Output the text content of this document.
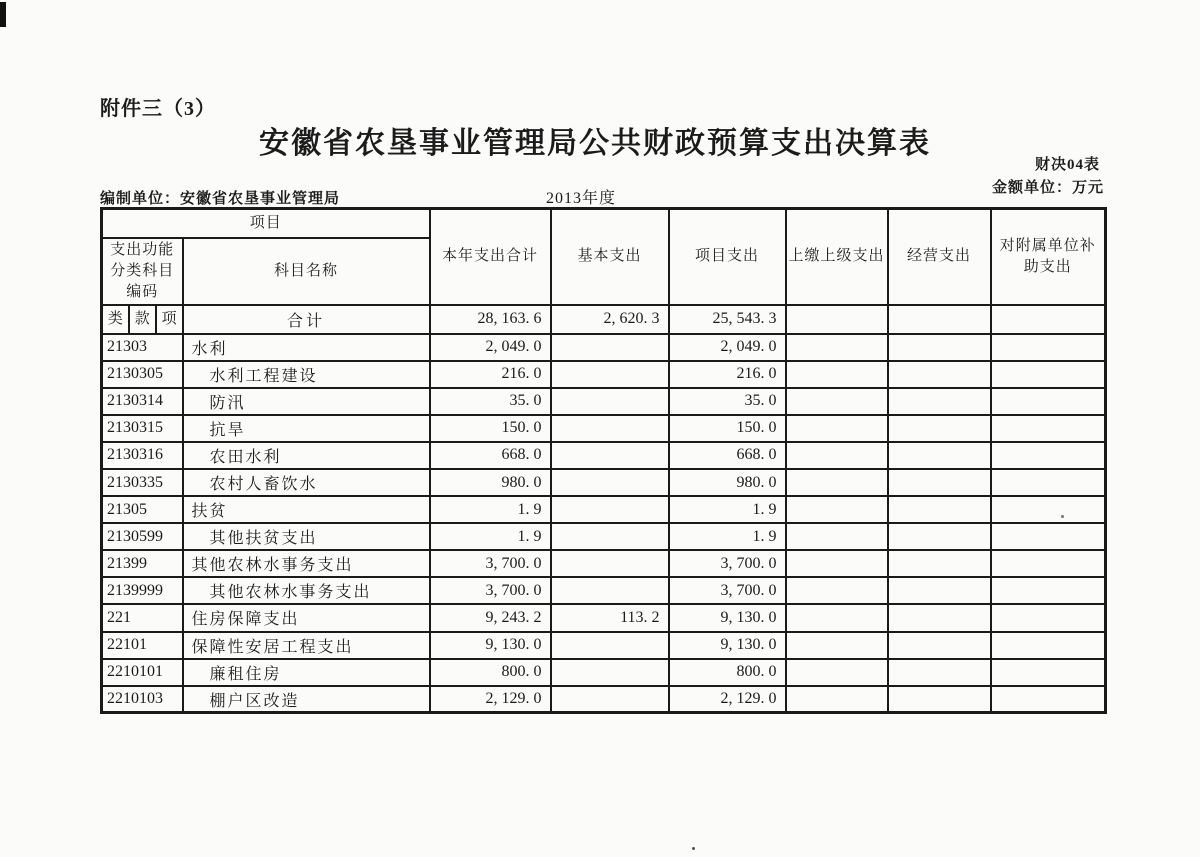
附件三（3）
安徽省农垦事业管理局公共财政预算支出决算表
财决04表
金额单位：万元
编制单位：安徽省农垦事业管理局	2013年度
项目		本年支出合计	基本支出	项目支出	上缴上级支出	经营支出	对附属单位补助支出
支出功能分类科目编码	科目名称						

类 款 项	合计	28, 163. 6	2, 620. 3	25, 543. 3			
21303	水利	2, 049. 0		2, 049. 0			
2130305	水利工程建设	216. 0		216. 0			
2130314	防汛	35. 0		35. 0			
2130315	抗旱	150. 0		150. 0			
2130316	农田水利	668. 0		668. 0			
2130335	农村人畜饮水	980. 0		980. 0			
21305	扶贫	1. 9		1. 9			
2130599	其他扶贫支出	1. 9		1. 9			
21399	其他农林水事务支出	3, 700. 0		3, 700. 0			
2139999	其他农林水事务支出	3, 700. 0		3, 700. 0			
221	住房保障支出	9, 243. 2	113. 2	9, 130. 0			
22101	保障性安居工程支出	9, 130. 0		9, 130. 0			
2210101	廉租住房	800. 0		800. 0			
2210103	棚户区改造	2, 129. 0		2, 129. 0			
